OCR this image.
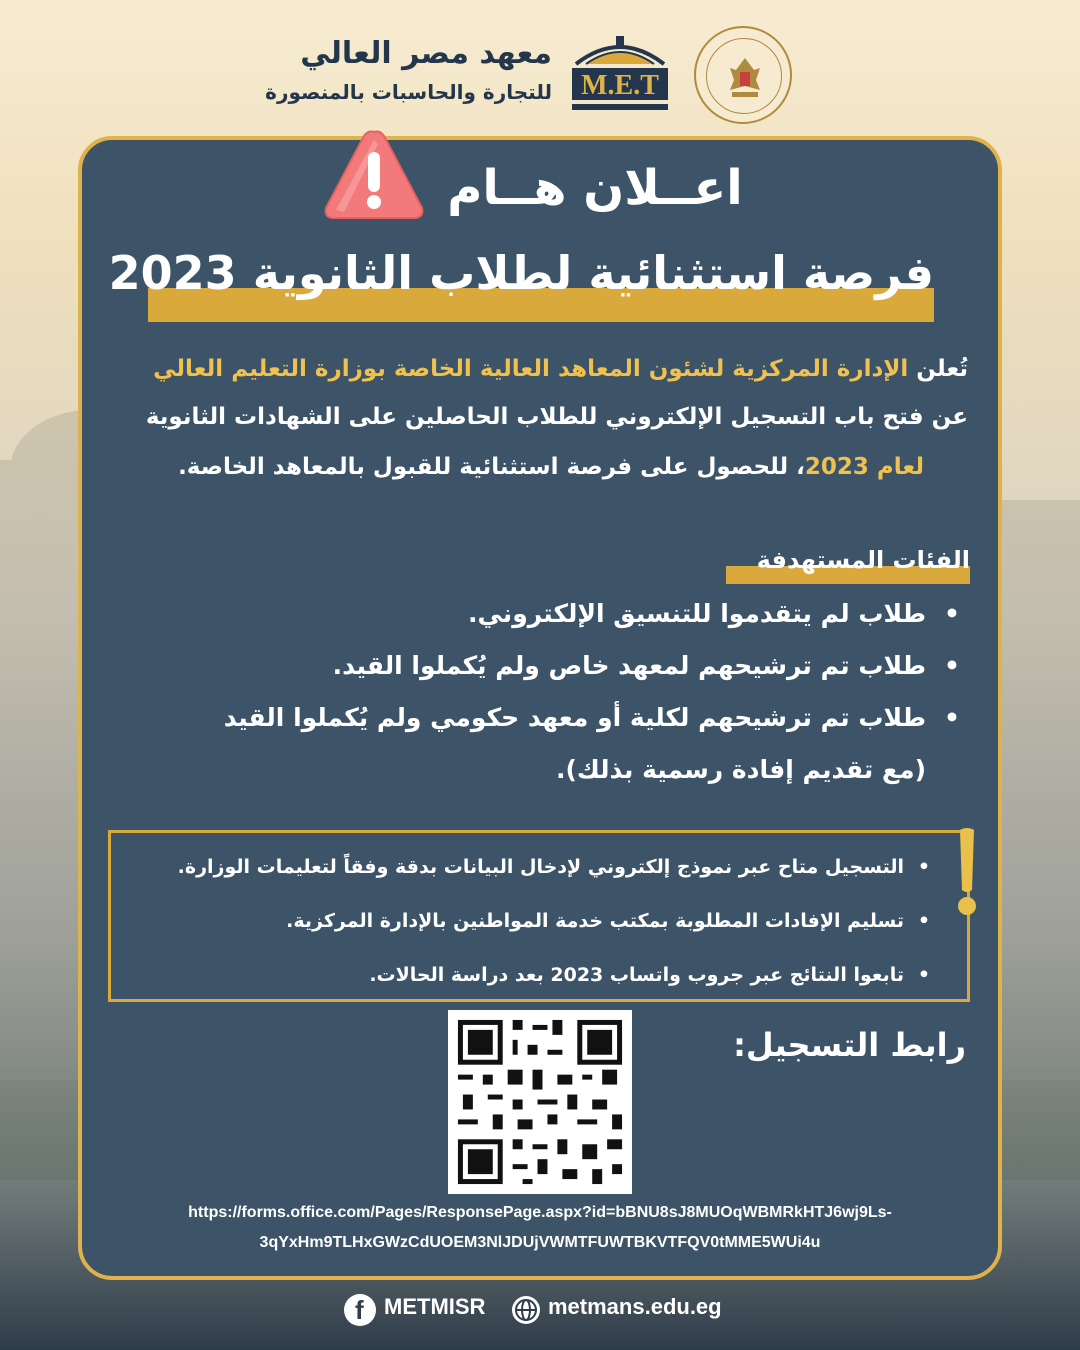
M.E.T
معهد مصر العالي
للتجارة والحاسبات بالمنصورة
اعــلان هــام
فرصة استثنائية لطلاب الثانوية 2023
تُعلن الإدارة المركزية لشئون المعاهد العالية الخاصة بوزارة التعليم العالي
عن فتح باب التسجيل الإلكتروني للطلاب الحاصلين على الشهادات الثانوية
لعام 2023، للحصول على فرصة استثنائية للقبول بالمعاهد الخاصة.
الفئات المستهدفة
• طلاب لم يتقدموا للتنسيق الإلكتروني.
• طلاب تم ترشيحهم لمعهد خاص ولم يُكملوا القيد.
• طلاب تم ترشيحهم لكلية أو معهد حكومي ولم يُكملوا القيد
(مع تقديم إفادة رسمية بذلك).
• التسجيل متاح عبر نموذج إلكتروني لإدخال البيانات بدقة وفقاً لتعليمات الوزارة.
• تسليم الإفادات المطلوبة بمكتب خدمة المواطنين بالإدارة المركزية.
• تابعوا النتائج عبر جروب واتساب 2023 بعد دراسة الحالات.
رابط التسجيل:
https://forms.office.com/Pages/ResponsePage.aspx?id=bBNU8sJ8MUOqWBMRkHTJ6wj9Ls-
3qYxHm9TLHxGWzCdUOEM3NlJDUjVWMTFUWTBKVTFQV0tMME5WUi4u
f METMISR	metmans.edu.eg
